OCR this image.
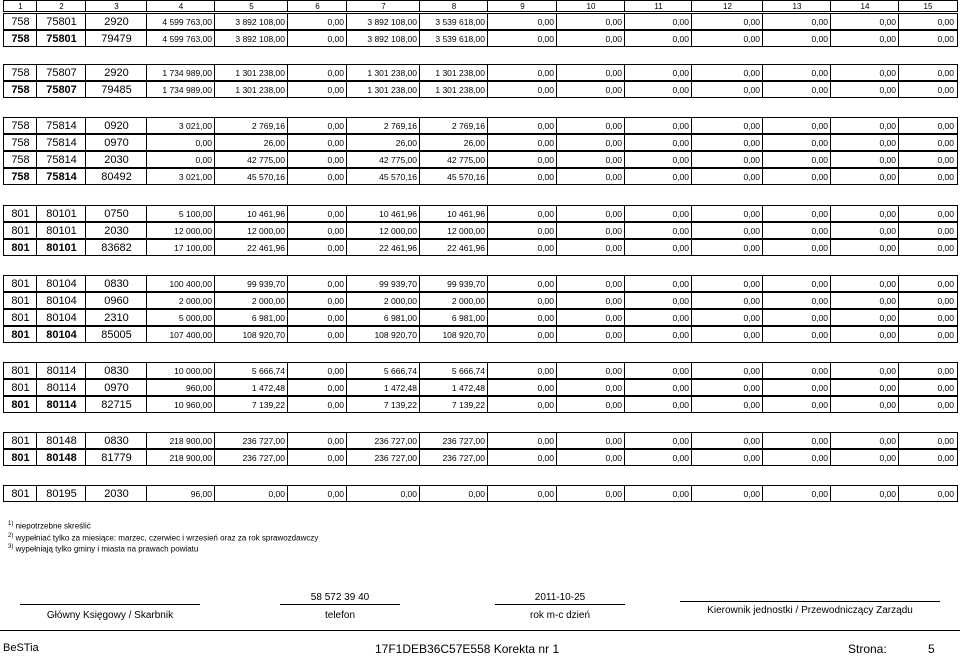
1	2	3	4	5	6	7	8	9	10	11	12	13	14	15
758	75801	2920	4 599 763,00	3 892 108,00	0,00	3 892 108,00	3 539 618,00	0,00	0,00	0,00	0,00	0,00	0,00	0,00
758	75801	79479	4 599 763,00	3 892 108,00	0,00	3 892 108,00	3 539 618,00	0,00	0,00	0,00	0,00	0,00	0,00	0,00
758	75807	2920	1 734 989,00	1 301 238,00	0,00	1 301 238,00	1 301 238,00	0,00	0,00	0,00	0,00	0,00	0,00	0,00
758	75807	79485	1 734 989,00	1 301 238,00	0,00	1 301 238,00	1 301 238,00	0,00	0,00	0,00	0,00	0,00	0,00	0,00
758	75814	0920	3 021,00	2 769,16	0,00	2 769,16	2 769,16	0,00	0,00	0,00	0,00	0,00	0,00	0,00
758	75814	0970	0,00	26,00	0,00	26,00	26,00	0,00	0,00	0,00	0,00	0,00	0,00	0,00
758	75814	2030	0,00	42 775,00	0,00	42 775,00	42 775,00	0,00	0,00	0,00	0,00	0,00	0,00	0,00
758	75814	80492	3 021,00	45 570,16	0,00	45 570,16	45 570,16	0,00	0,00	0,00	0,00	0,00	0,00	0,00
801	80101	0750	5 100,00	10 461,96	0,00	10 461,96	10 461,96	0,00	0,00	0,00	0,00	0,00	0,00	0,00
801	80101	2030	12 000,00	12 000,00	0,00	12 000,00	12 000,00	0,00	0,00	0,00	0,00	0,00	0,00	0,00
801	80101	83682	17 100,00	22 461,96	0,00	22 461,96	22 461,96	0,00	0,00	0,00	0,00	0,00	0,00	0,00
801	80104	0830	100 400,00	99 939,70	0,00	99 939,70	99 939,70	0,00	0,00	0,00	0,00	0,00	0,00	0,00
801	80104	0960	2 000,00	2 000,00	0,00	2 000,00	2 000,00	0,00	0,00	0,00	0,00	0,00	0,00	0,00
801	80104	2310	5 000,00	6 981,00	0,00	6 981,00	6 981,00	0,00	0,00	0,00	0,00	0,00	0,00	0,00
801	80104	85005	107 400,00	108 920,70	0,00	108 920,70	108 920,70	0,00	0,00	0,00	0,00	0,00	0,00	0,00
801	80114	0830	10 000,00	5 666,74	0,00	5 666,74	5 666,74	0,00	0,00	0,00	0,00	0,00	0,00	0,00
801	80114	0970	960,00	1 472,48	0,00	1 472,48	1 472,48	0,00	0,00	0,00	0,00	0,00	0,00	0,00
801	80114	82715	10 960,00	7 139,22	0,00	7 139,22	7 139,22	0,00	0,00	0,00	0,00	0,00	0,00	0,00
801	80148	0830	218 900,00	236 727,00	0,00	236 727,00	236 727,00	0,00	0,00	0,00	0,00	0,00	0,00	0,00
801	80148	81779	218 900,00	236 727,00	0,00	236 727,00	236 727,00	0,00	0,00	0,00	0,00	0,00	0,00	0,00
801	80195	2030	96,00	0,00	0,00	0,00	0,00	0,00	0,00	0,00	0,00	0,00	0,00	0,00
$^{1)}$ niepotrzebne skreślić
$^{2)}$ wypełniać tylko za miesiące: marzec, czerwiec i wrzesień oraz za rok sprawozdawczy
$^{3)}$ wypełniają tylko gminy i miasta na prawach powiatu
Główny Księgowy / Skarbnik
58 572 39 40
telefon
2011-10-25
rok m-c dzień	Kierownik jednostki / Przewodniczący Zarządu
BeSTia	17F1DEB36C57E558 Korekta nr 1	Strona:	5
